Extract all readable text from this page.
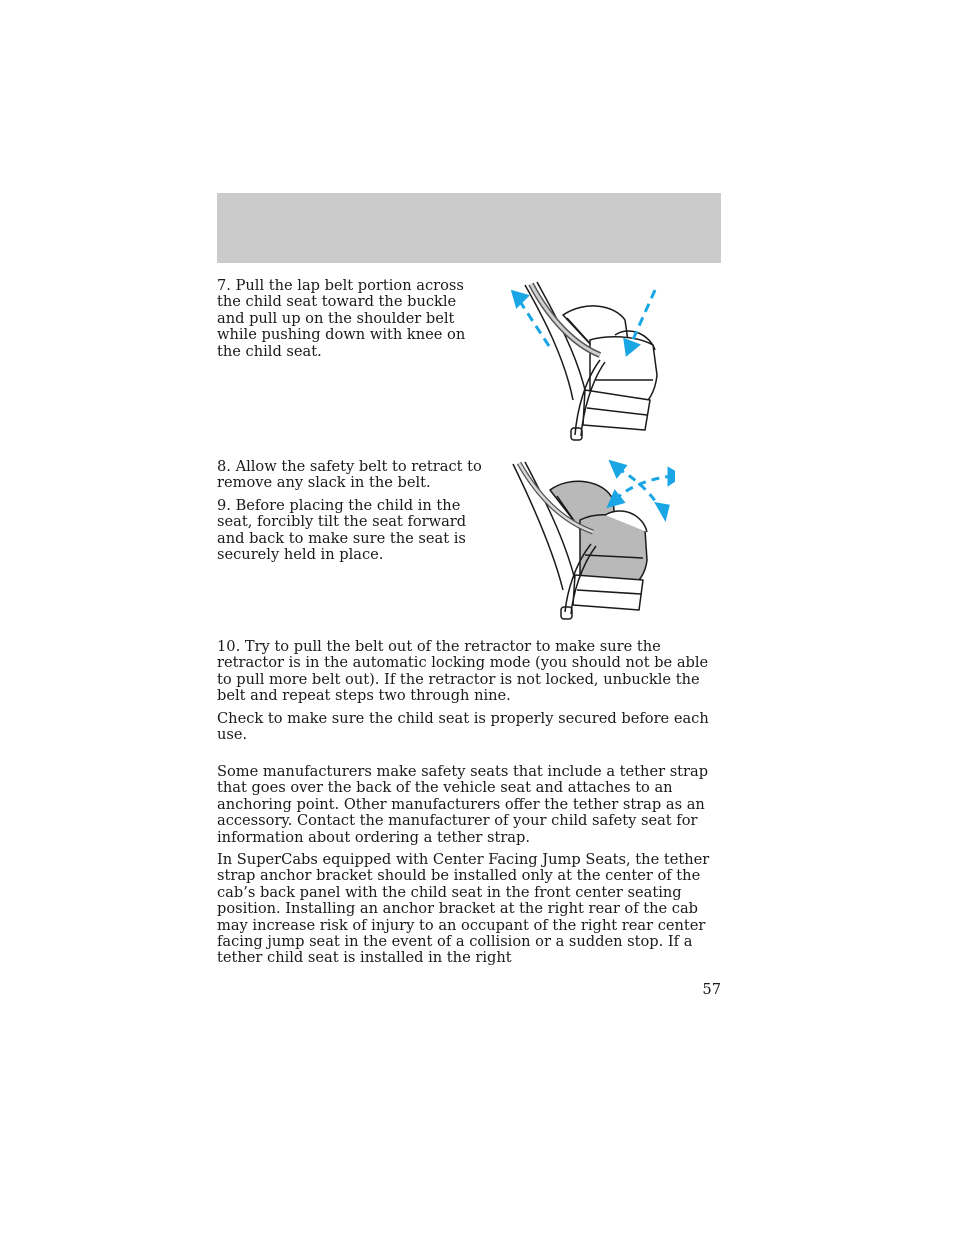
7. Pull the lap belt portion across the child seat toward the buckle and pull up on the shoulder belt while pushing down with knee on the child seat.

8. Allow the safety belt to retract to remove any slack in the belt.

9. Before placing the child in the seat, forcibly tilt the seat forward and back to make sure the seat is securely held in place.

10. Try to pull the belt out of the retractor to make sure the retractor is in the automatic locking mode (you should not be able to pull more belt out). If the retractor is not locked, unbuckle the belt and repeat steps two through nine.

Check to make sure the child seat is properly secured before each use.

Some manufacturers make safety seats that include a tether strap that goes over the back of the vehicle seat and attaches to an anchoring point. Other manufacturers offer the tether strap as an accessory. Contact the manufacturer of your child safety seat for information about ordering a tether strap.

In SuperCabs equipped with Center Facing Jump Seats, the tether strap anchor bracket should be installed only at the center of the cab’s back panel with the child seat in the front center seating position. Installing an anchor bracket at the right rear of the cab may increase risk of injury to an occupant of the right rear center facing jump seat in the event of a collision or a sudden stop. If a tether child seat is installed in the right

57
